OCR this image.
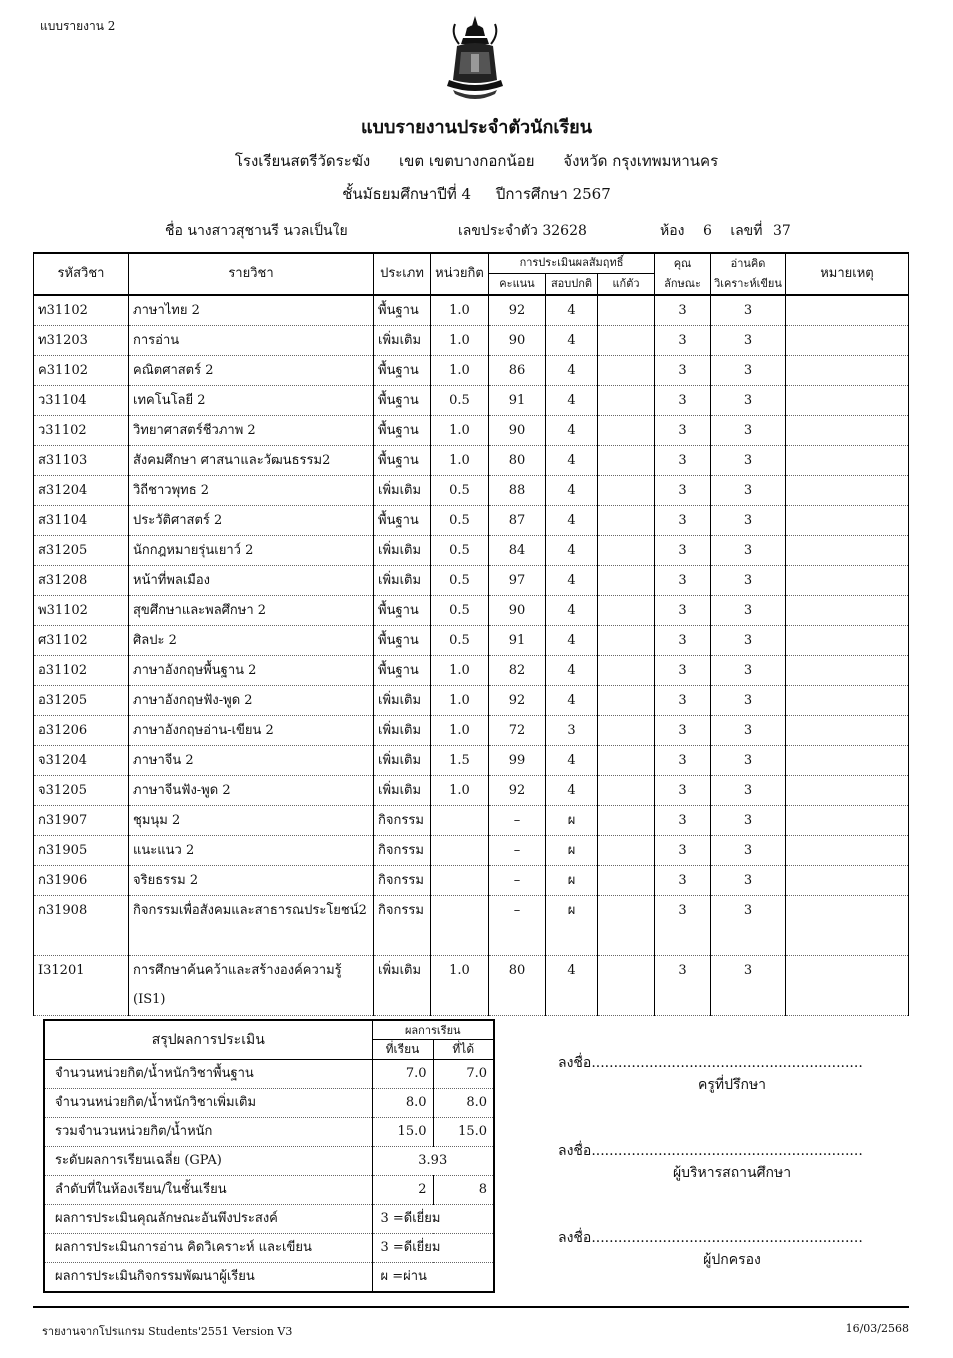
แบบรายงาน 2
แบบรายงานประจำตัวนักเรียน
โรงเรียนสตรีวัดระฆัง เขต เขตบางกอกน้อย จังหวัด กรุงเทพมหานคร
ชั้นมัธยมศึกษาปีที่ 4 ปีการศึกษา 2567
ชื่อ นางสาวสุชานรี นวลเป็นใย	เลขประจำตัว 32628	ห้อง 6 เลขที่ 37
รหัสวิชา	รายวิชา	ประเภท	หน่วยกิต	การประเมินผลสัมฤทธิ์			คุณ	อ่านคิด	หมายเหตุ
				คะแนน	สอบปกติ	แก้ตัว	ลักษณะ	วิเคราะห์เขียน	
ท31102	ภาษาไทย 2	พื้นฐาน	1.0	92	4		3	3	
ท31203	การอ่าน	เพิ่มเติม	1.0	90	4		3	3	
ค31102	คณิตศาสตร์ 2	พื้นฐาน	1.0	86	4		3	3	
ว31104	เทคโนโลยี 2	พื้นฐาน	0.5	91	4		3	3	
ว31102	วิทยาศาสตร์ชีวภาพ 2	พื้นฐาน	1.0	90	4		3	3	
ส31103	สังคมศึกษา ศาสนาและวัฒนธรรม2	พื้นฐาน	1.0	80	4		3	3	
ส31204	วิถีชาวพุทธ 2	เพิ่มเติม	0.5	88	4		3	3	
ส31104	ประวัติศาสตร์ 2	พื้นฐาน	0.5	87	4		3	3	
ส31205	นักกฎหมายรุ่นเยาว์ 2	เพิ่มเติม	0.5	84	4		3	3	
ส31208	หน้าที่พลเมือง	เพิ่มเติม	0.5	97	4		3	3	
พ31102	สุขศึกษาและพลศึกษา 2	พื้นฐาน	0.5	90	4		3	3	
ศ31102	ศิลปะ 2	พื้นฐาน	0.5	91	4		3	3	
อ31102	ภาษาอังกฤษพื้นฐาน 2	พื้นฐาน	1.0	82	4		3	3	
อ31205	ภาษาอังกฤษฟัง-พูด 2	เพิ่มเติม	1.0	92	4		3	3	
อ31206	ภาษาอังกฤษอ่าน-เขียน 2	เพิ่มเติม	1.0	72	3		3	3	
จ31204	ภาษาจีน 2	เพิ่มเติม	1.5	99	4		3	3	
จ31205	ภาษาจีนฟัง-พูด 2	เพิ่มเติม	1.0	92	4		3	3	
ก31907	ชุมนุม 2	กิจกรรม		–	ผ		3	3	
ก31905	แนะแนว 2	กิจกรรม		–	ผ		3	3	
ก31906	จริยธรรม 2	กิจกรรม		–	ผ		3	3	
ก31908	กิจกรรมเพื่อสังคมและสาธารณประโยชน์2	กิจกรรม		–	ผ		3	3	
I31201	การศึกษาค้นคว้าและสร้างองค์ความรู้ (IS1)	เพิ่มเติม	1.0	80	4		3	3	
สรุปผลการประเมิน	ผลการเรียน	
	ที่เรียน	ที่ได้
จำนวนหน่วยกิต/น้ำหนักวิชาพื้นฐาน	7.0	7.0
จำนวนหน่วยกิต/น้ำหนักวิชาเพิ่มเติม	8.0	8.0
รวมจำนวนหน่วยกิต/น้ำหนัก	15.0	15.0
ระดับผลการเรียนเฉลี่ย (GPA)	3.93	
ลำดับที่ในห้องเรียน/ในชั้นเรียน	2	8
ผลการประเมินคุณลักษณะอันพึงประสงค์	3 =ดีเยี่ยม	
ผลการประเมินการอ่าน คิดวิเคราะห์ และเขียน	3 =ดีเยี่ยม	
ผลการประเมินกิจกรรมพัฒนาผู้เรียน	ผ =ผ่าน	
ลงชื่อ.............................................................
ครูที่ปรึกษา
ลงชื่อ.............................................................
ผู้บริหารสถานศึกษา
ลงชื่อ.............................................................
ผู้ปกครอง
รายงานจากโปรแกรม Students'2551 Version V3	16/03/2568
